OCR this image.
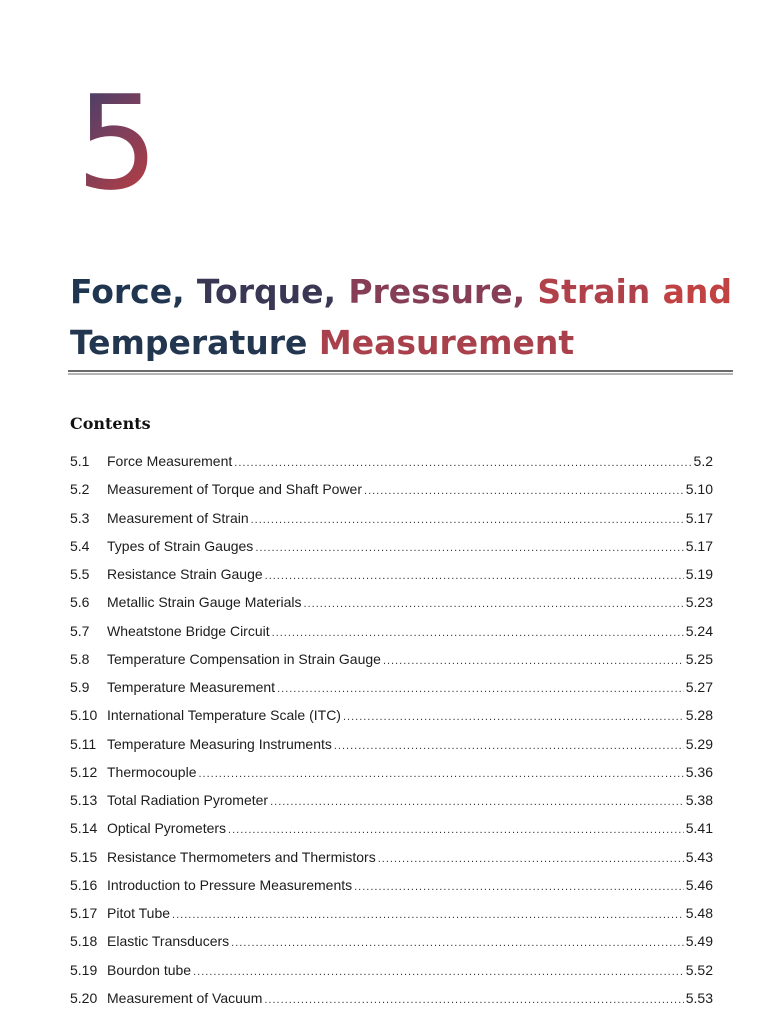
5
Force, Torque, Pressure, Strain and
Temperature Measurement
Contents
5.1	Force Measurement .....	5.2
5.2	Measurement of Torque and Shaft Power .....	5.10
5.3	Measurement of Strain .....	5.17
5.4	Types of Strain Gauges .....	5.17
5.5	Resistance Strain Gauge .....	5.19
5.6	Metallic Strain Gauge Materials .....	5.23
5.7	Wheatstone Bridge Circuit .....	5.24
5.8	Temperature Compensation in Strain Gauge .....	5.25
5.9	Temperature Measurement .....	5.27
5.10 International Temperature Scale (ITC) .....	5.28
5.11 Temperature Measuring Instruments .....	5.29
5.12 Thermocouple .....	5.36
5.13 Total Radiation Pyrometer .....	5.38
5.14 Optical Pyrometers .....	5.41
5.15 Resistance Thermometers and Thermistors .....	5.43
5.16 Introduction to Pressure Measurements .....	5.46
5.17 Pitot Tube .....	5.48
5.18 Elastic Transducers .....	5.49
5.19 Bourdon tube .....	5.52
5.20 Measurement of Vacuum .....	5.53
